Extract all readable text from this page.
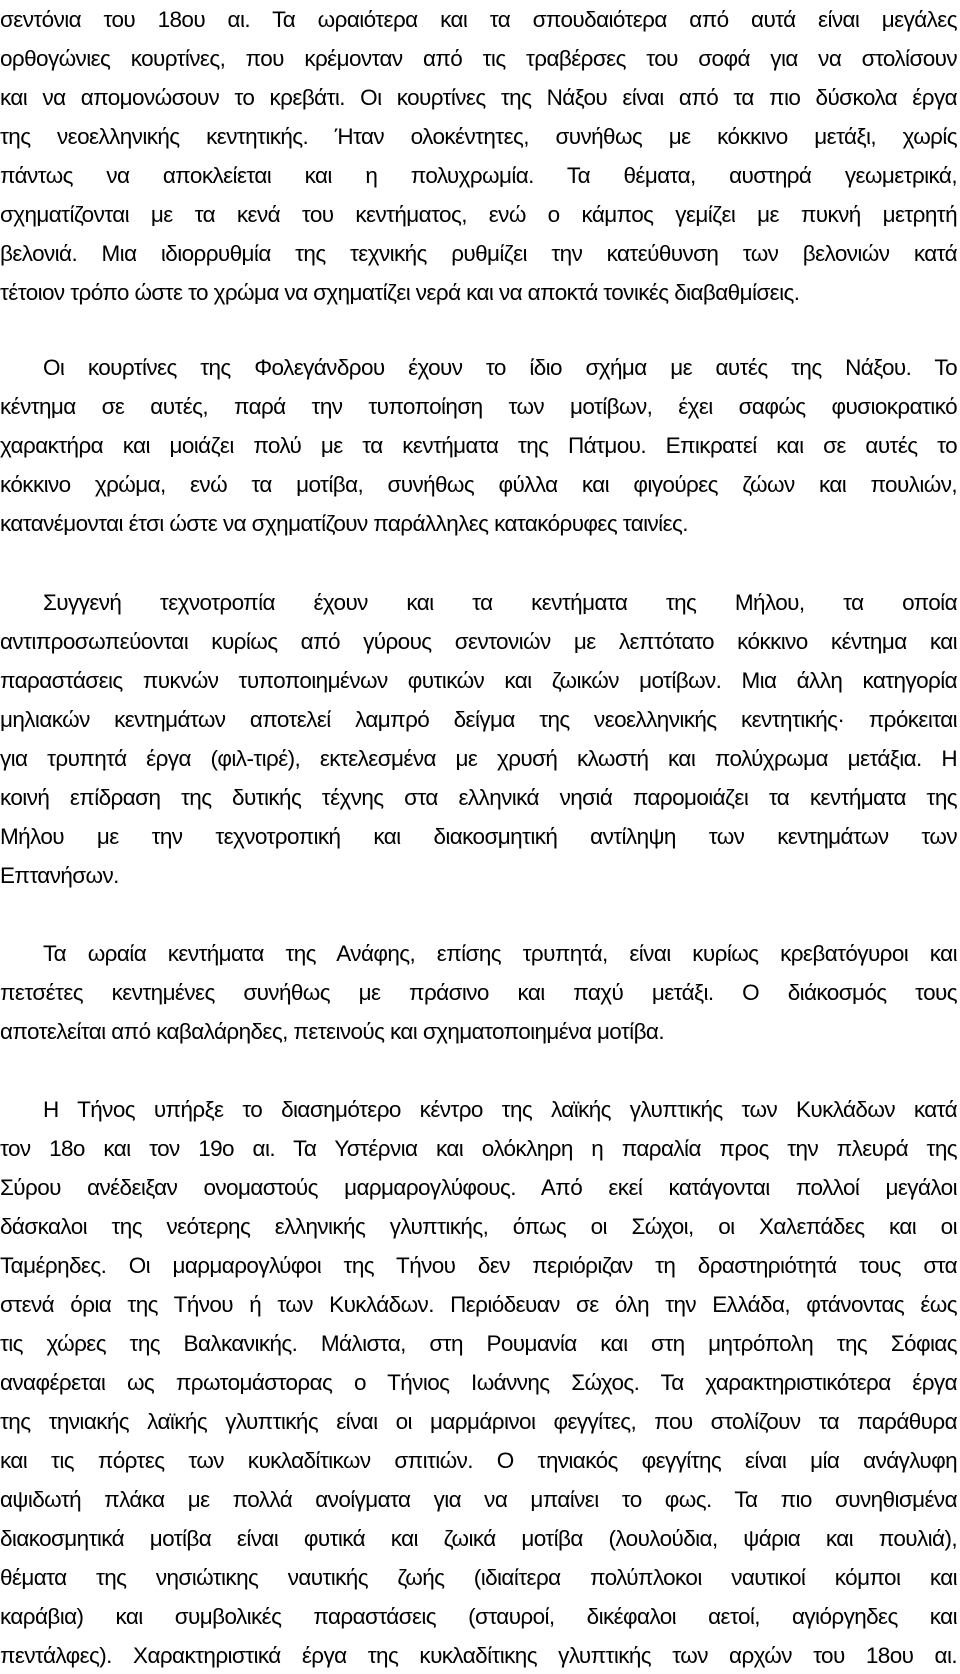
σεντόνια του 18ου αι. Τα ωραιότερα και τα σπουδαιότερα από αυτά είναι μεγάλες
ορθογώνιες κουρτίνες, που κρέμονταν από τις τραβέρσες του σοφά για να στολίσουν
και να απομονώσουν το κρεβάτι. Οι κουρτίνες της Νάξου είναι από τα πιο δύσκολα έργα
της νεοελληνικής κεντητικής. Ήταν ολοκέντητες, συνήθως με κόκκινο μετάξι, χωρίς
πάντως να αποκλείεται και η πολυχρωμία. Τα θέματα, αυστηρά γεωμετρικά,
σχηματίζονται με τα κενά του κεντήματος, ενώ ο κάμπος γεμίζει με πυκνή μετρητή
βελονιά. Μια ιδιορρυθμία της τεχνικής ρυθμίζει την κατεύθυνση των βελονιών κατά
τέτοιον τρόπο ώστε το χρώμα να σχηματίζει νερά και να αποκτά τονικές διαβαθμίσεις.
Οι κουρτίνες της Φολεγάνδρου έχουν το ίδιο σχήμα με αυτές της Νάξου. Το
κέντημα σε αυτές, παρά την τυποποίηση των μοτίβων, έχει σαφώς φυσιοκρατικό
χαρακτήρα και μοιάζει πολύ με τα κεντήματα της Πάτμου. Επικρατεί και σε αυτές το
κόκκινο χρώμα, ενώ τα μοτίβα, συνήθως φύλλα και φιγούρες ζώων και πουλιών,
κατανέμονται έτσι ώστε να σχηματίζουν παράλληλες κατακόρυφες ταινίες.
Συγγενή τεχνοτροπία έχουν και τα κεντήματα της Μήλου, τα οποία
αντιπροσωπεύονται κυρίως από γύρους σεντονιών με λεπτότατο κόκκινο κέντημα και
παραστάσεις πυκνών τυποποιημένων φυτικών και ζωικών μοτίβων. Μια άλλη κατηγορία
μηλιακών κεντημάτων αποτελεί λαμπρό δείγμα της νεοελληνικής κεντητικής· πρόκειται
για τρυπητά έργα (φιλ-τιρέ), εκτελεσμένα με χρυσή κλωστή και πολύχρωμα μετάξια. Η
κοινή επίδραση της δυτικής τέχνης στα ελληνικά νησιά παρομοιάζει τα κεντήματα της
Μήλου με την τεχνοτροπική και διακοσμητική αντίληψη των κεντημάτων των
Επτανήσων.
Τα ωραία κεντήματα της Ανάφης, επίσης τρυπητά, είναι κυρίως κρεβατόγυροι και
πετσέτες κεντημένες συνήθως με πράσινο και παχύ μετάξι. Ο διάκοσμός τους
αποτελείται από καβαλάρηδες, πετεινούς και σχηματοποιημένα μοτίβα.
Η Τήνος υπήρξε το διασημότερο κέντρο της λαϊκής γλυπτικής των Κυκλάδων κατά
τον 18ο και τον 19ο αι. Τα Υστέρνια και ολόκληρη η παραλία προς την πλευρά της
Σύρου ανέδειξαν ονομαστούς μαρμαρογλύφους. Από εκεί κατάγονται πολλοί μεγάλοι
δάσκαλοι της νεότερης ελληνικής γλυπτικής, όπως οι Σώχοι, οι Χαλεπάδες και οι
Ταμέρηδες. Οι μαρμαρογλύφοι της Τήνου δεν περιόριζαν τη δραστηριότητά τους στα
στενά όρια της Τήνου ή των Κυκλάδων. Περιόδευαν σε όλη την Ελλάδα, φτάνοντας έως
τις χώρες της Βαλκανικής. Μάλιστα, στη Ρουμανία και στη μητρόπολη της Σόφιας
αναφέρεται ως πρωτομάστορας ο Τήνιος Ιωάννης Σώχος. Τα χαρακτηριστικότερα έργα
της τηνιακής λαϊκής γλυπτικής είναι οι μαρμάρινοι φεγγίτες, που στολίζουν τα παράθυρα
και τις πόρτες των κυκλαδίτικων σπιτιών. Ο τηνιακός φεγγίτης είναι μία ανάγλυφη
αψιδωτή πλάκα με πολλά ανοίγματα για να μπαίνει το φως. Τα πιο συνηθισμένα
διακοσμητικά μοτίβα είναι φυτικά και ζωικά μοτίβα (λουλούδια, ψάρια και πουλιά),
θέματα της νησιώτικης ναυτικής ζωής (ιδιαίτερα πολύπλοκοι ναυτικοί κόμποι και
καράβια) και συμβολικές παραστάσεις (σταυροί, δικέφαλοι αετοί, αγιόργηδες και
πεντάλφες). Χαρακτηριστικά έργα της κυκλαδίτικης γλυπτικής των αρχών του 18ου αι.
